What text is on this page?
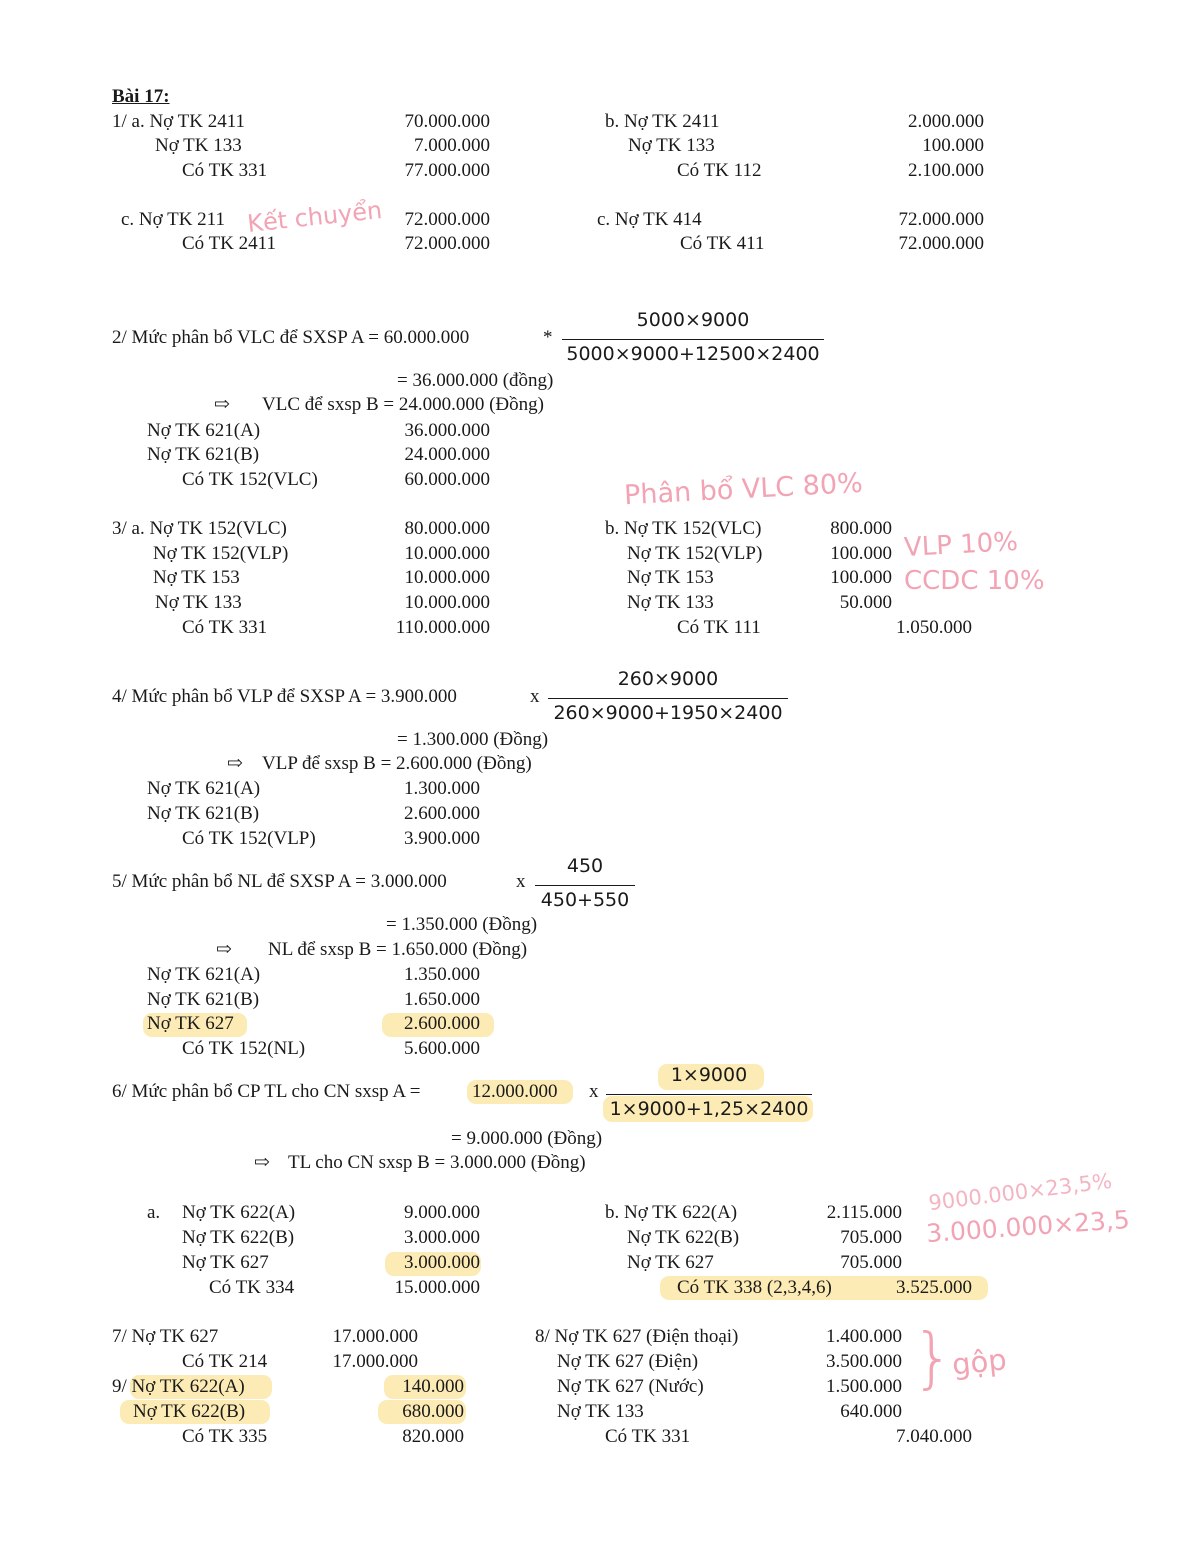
Bài 17:
1/ a. Nợ TK 2411	70.000.000
Nợ TK 133	7.000.000
Có TK 331	77.000.000
b. Nợ TK 2411	2.000.000
Nợ TK 133	100.000
Có TK 112	2.100.000
c. Nợ TK 211 Kết chuyển	72.000.000
Có TK 2411	72.000.000
c. Nợ TK 414	72.000.000
Có TK 411	72.000.000
2/ Mức phân bổ VLC để SXSP A = 60.000.000	*
5000×9000
5000×9000+12500×2400
= 36.000.000 (đồng)
⇨ VLC để sxsp B = 24.000.000 (Đồng)
Nợ TK 621(A)	36.000.000
Nợ TK 621(B)	24.000.000
Có TK 152(VLC)	60.000.000	Phân bổ VLC 80%
3/ a. Nợ TK 152(VLC)	80.000.000
Nợ TK 152(VLP)	10.000.000
Nợ TK 153	10.000.000
Nợ TK 133	10.000.000
Có TK 331	110.000.000
b. Nợ TK 152(VLC)	800.000
Nợ TK 152(VLP)	100.000
Nợ TK 153	100.000
Nợ TK 133	50.000
Có TK 111	1.050.000
VLP 10%
CCDC 10%
4/ Mức phân bổ VLP để SXSP A = 3.900.000	x
260×9000
260×9000+1950×2400
= 1.300.000 (Đồng)
⇨ VLP để sxsp B = 2.600.000 (Đồng)
Nợ TK 621(A)	1.300.000
Nợ TK 621(B)	2.600.000
Có TK 152(VLP)	3.900.000
5/ Mức phân bổ NL để SXSP A = 3.000.000	x
450
450+550
= 1.350.000 (Đồng)
⇨ NL để sxsp B = 1.650.000 (Đồng)
Nợ TK 621(A)	1.350.000
Nợ TK 621(B)	1.650.000
Nợ TK 627	2.600.000
Có TK 152(NL)	5.600.000
6/ Mức phân bổ CP TL cho CN sxsp A =	12.000.000 x
1×9000
1×9000+1,25×2400
= 9.000.000 (Đồng)
⇨ TL cho CN sxsp B = 3.000.000 (Đồng)
a. Nợ TK 622(A)	9.000.000
Nợ TK 622(B)	3.000.000
Nợ TK 627	3.000.000
Có TK 334	15.000.000
b. Nợ TK 622(A)	2.115.000
Nợ TK 622(B)	705.000
Nợ TK 627	705.000
Có TK 338 (2,3,4,6)	3.525.000
9000.000×23,5%
3.000.000×23,5
7/ Nợ TK 627	17.000.000
Có TK 214	17.000.000
9/ Nợ TK 622(A)	140.000
Nợ TK 622(B)	680.000
Có TK 335	820.000
8/ Nợ TK 627 (Điện thoại)	1.400.000
Nợ TK 627 (Điện)	3.500.000
Nợ TK 627 (Nước)	1.500.000
Nợ TK 133	640.000
Có TK 331	7.040.000
}
gộp
